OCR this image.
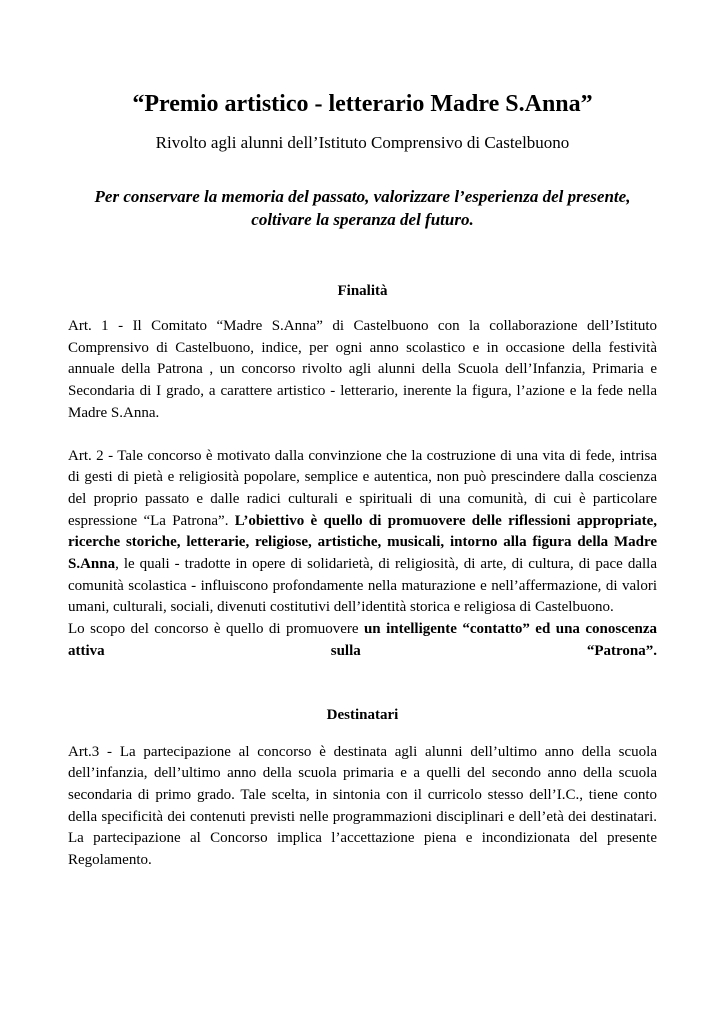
“Premio artistico - letterario Madre S.Anna”

Rivolto agli alunni dell’Istituto Comprensivo di Castelbuono

Per conservare la memoria del passato, valorizzare l’esperienza del presente, coltivare la speranza del futuro.

Finalità

Art. 1 - Il Comitato “Madre S.Anna” di Castelbuono con la collaborazione dell’Istituto Comprensivo di Castelbuono, indice, per ogni anno scolastico e in occasione della festività annuale della Patrona , un concorso rivolto agli alunni della Scuola dell’Infanzia, Primaria e Secondaria di I grado, a carattere artistico - letterario, inerente la figura, l’azione e la fede nella Madre S.Anna.

Art. 2 - Tale concorso è motivato dalla convinzione che la costruzione di una vita di fede, intrisa di gesti di pietà e religiosità popolare, semplice e autentica, non può prescindere dalla coscienza del proprio passato e dalle radici culturali e spirituali di una comunità, di cui è particolare espressione “La Patrona”. L’obiettivo è quello di promuovere delle riflessioni appropriate, ricerche storiche, letterarie, religiose, artistiche, musicali, intorno alla figura della Madre S.Anna, le quali - tradotte in opere di solidarietà, di religiosità, di arte, di cultura, di pace dalla comunità scolastica - influiscono profondamente nella maturazione e nell’affermazione, di valori umani, culturali, sociali, divenuti costitutivi dell’identità storica e religiosa di Castelbuono.

Lo scopo del concorso è quello di promuovere un intelligente “contatto” ed una conoscenza attiva sulla “Patrona”.

Destinatari

Art.3 - La partecipazione al concorso è destinata agli alunni dell’ultimo anno della scuola dell’infanzia, dell’ultimo anno della scuola primaria e a quelli del secondo anno della scuola secondaria di primo grado. Tale scelta, in sintonia con il curricolo stesso dell’I.C., tiene conto della specificità dei contenuti previsti nelle programmazioni disciplinari e dell’età dei destinatari. La partecipazione al Concorso implica l’accettazione piena e incondizionata del presente Regolamento.
